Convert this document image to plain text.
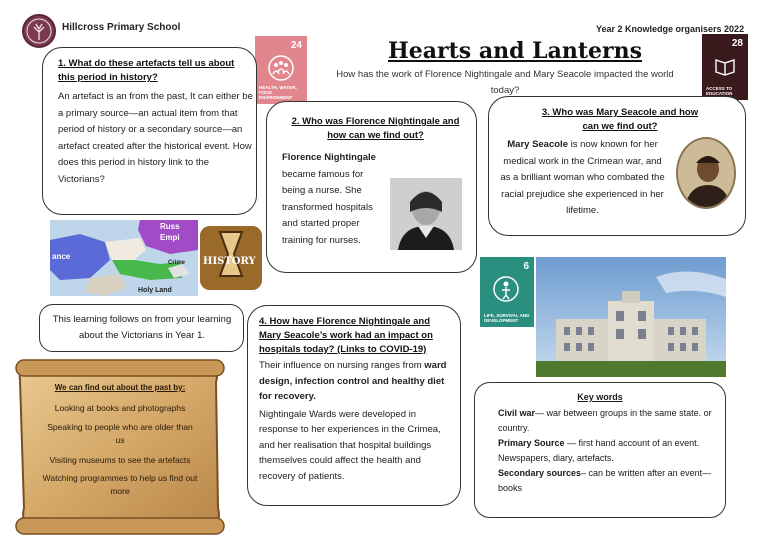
Hillcross Primary School	Year 2 Knowledge organisers 2022
Hearts and Lanterns
How has the work of Florence Nightingale and Mary Seacole impacted the world today?
24
HEALTH, WATER, FOOD ENVIRONMENT
28
ACCESS TO EDUCATION
1. What do these artefacts tell us about this period in history?
An artefact is an from the past, It can either be a primary source—an actual item from that period of history or a secondary source—an artefact created after the historical event. How does this period in history link to the Victorians?
2. Who was Florence Nightingale and how can we find out?
Florence Nightingale became famous for being a nurse. She transformed hospitals and started proper training for nurses.
3. Who was Mary Seacole and how can we find out?
Mary Seacole is now known for her medical work in the Crimean war, and as a brilliant woman who combated the racial prejudice she experienced in her lifetime.
Russ
Empi
ance
Crime
Holy Land
HISTORY
This learning follows on from your learning about the Victorians in Year 1.
We can find out about the past by:
Looking at books and photographs
Speaking to people who are older than us
Visiting museums to see the artefacts
Watching programmes to help us find out more
4. How have Florence Nightingale and Mary Seacole’s work had an impact on hospitals today? (Links to COVID-19)
Their influence on nursing ranges from ward design, infection control and healthy diet for recovery.
Nightingale Wards were developed in response to her experiences in the Crimea, and her realisation that hospital buildings themselves could affect the health and recovery of patients.
6
LIFE, SURVIVAL AND DEVELOPMENT
Key words
Civil war— war between groups in the same state. or country.
Primary Source — first hand account of an event. Newspapers, diary, artefacts.
Secondary sources– can be written after an event— books
